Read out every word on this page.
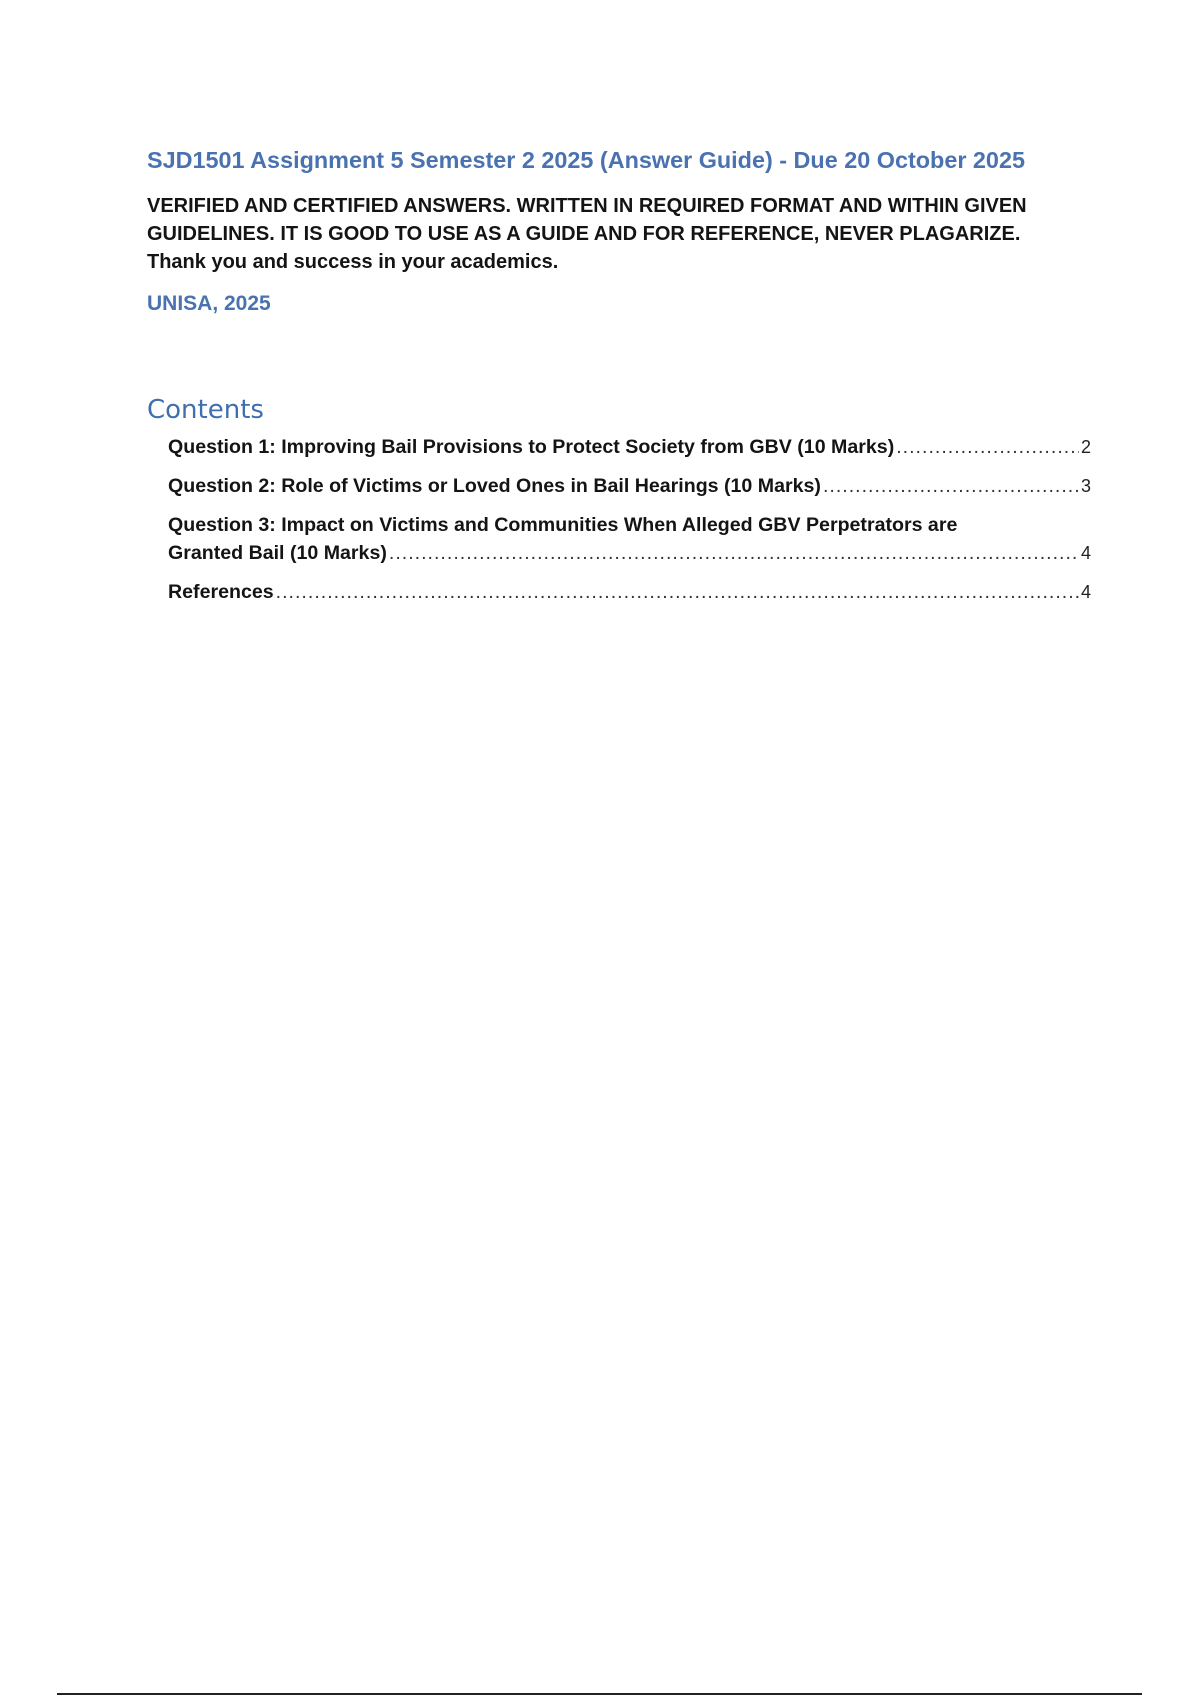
SJD1501 Assignment 5 Semester 2 2025 (Answer Guide) - Due 20 October 2025
VERIFIED AND CERTIFIED ANSWERS. WRITTEN IN REQUIRED FORMAT AND WITHIN GIVEN GUIDELINES. IT IS GOOD TO USE AS A GUIDE AND FOR REFERENCE, NEVER PLAGARIZE. Thank you and success in your academics.
UNISA, 2025
Contents
Question 1: Improving Bail Provisions to Protect Society from GBV (10 Marks) .....	2
Question 2: Role of Victims or Loved Ones in Bail Hearings (10 Marks) .....	3
Question 3: Impact on Victims and Communities When Alleged GBV Perpetrators are
Granted Bail (10 Marks) .....	4
References .....	4
